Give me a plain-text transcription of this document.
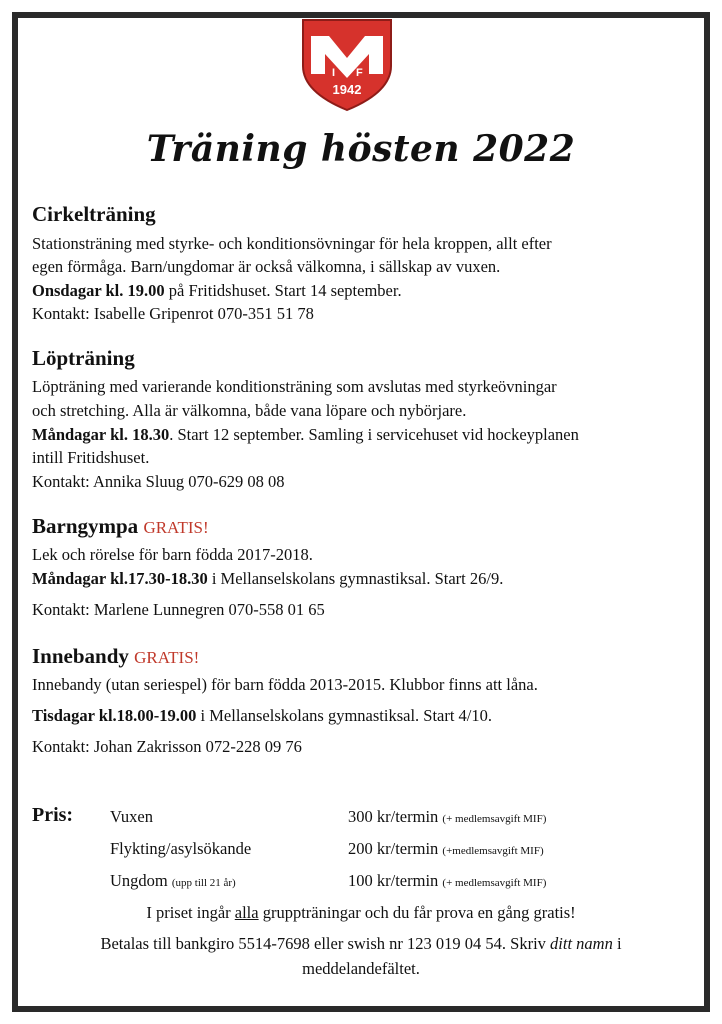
I F
1942
Träning hösten 2022
Cirkelträning
Stationsträning med styrke- och konditionsövningar för hela kroppen, allt efter
egen förmåga. Barn/ungdomar är också välkomna, i sällskap av vuxen.
Onsdagar kl. 19.00 på Fritidshuset. Start 14 september.
Kontakt: Isabelle Gripenrot 070-351 51 78
Löpträning
Löpträning med varierande konditionsträning som avslutas med styrkeövningar
och stretching. Alla är välkomna, både vana löpare och nybörjare.
Måndagar kl. 18.30. Start 12 september. Samling i servicehuset vid hockeyplanen
intill Fritidshuset.
Kontakt: Annika Sluug 070-629 08 08
Barngympa GRATIS!
Lek och rörelse för barn födda 2017-2018.
Måndagar kl.17.30-18.30 i Mellanselskolans gymnastiksal. Start 26/9.
Kontakt: Marlene Lunnegren 070-558 01 65
Innebandy GRATIS!
Innebandy (utan seriespel) för barn födda 2013-2015. Klubbor finns att låna.
Tisdagar kl.18.00-19.00 i Mellanselskolans gymnastiksal. Start 4/10.
Kontakt: Johan Zakrisson 072-228 09 76
Pris: Vuxen	300 kr/termin (+ medlemsavgift MIF)
Flykting/asylsökande	200 kr/termin (+medlemsavgift MIF)
Ungdom (upp till 21 år)	100 kr/termin (+ medlemsavgift MIF)
I priset ingår alla gruppträningar och du får prova en gång gratis!
Betalas till bankgiro 5514-7698 eller swish nr 123 019 04 54. Skriv ditt namn i
meddelandefältet.
